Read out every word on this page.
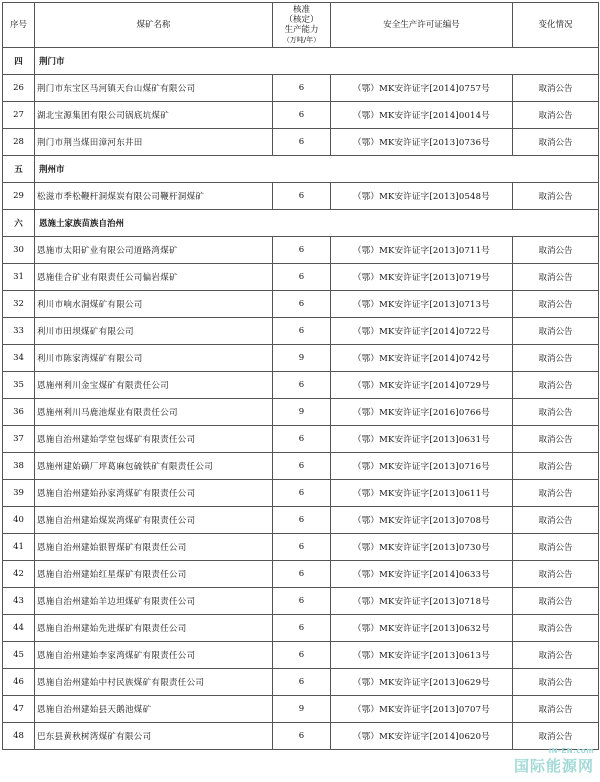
序号	煤矿名称	核准
（核定）
生产能力
（万吨/年）	安全生产许可证编号	变化情况
四	荆门市			
26	荆门市东宝区马河镇天台山煤矿有限公司	6	（鄂）MK安许证字[2014]0757号	取消公告
27	湖北宝源集团有限公司锅底坑煤矿	6	（鄂）MK安许证字[2014]0014号	取消公告
28	荆门市荆当煤田漳河东井田	6	（鄂）MK安许证字[2013]0736号	取消公告
五	荆州市			
29	松滋市季松鞭杆洞煤炭有限公司鞭杆洞煤矿	6	（鄂）MK安许证字[2013]0548号	取消公告
六	恩施土家族苗族自治州			
30	恩施市太阳矿业有限公司道路湾煤矿	6	（鄂）MK安许证字[2013]0711号	取消公告
31	恩施佳合矿业有限责任公司偏岩煤矿	6	（鄂）MK安许证字[2013]0719号	取消公告
32	利川市响水洞煤矿有限公司	6	（鄂）MK安许证字[2013]0713号	取消公告
33	利川市田坝煤矿有限公司	6	（鄂）MK安许证字[2014]0722号	取消公告
34	利川市陈家湾煤矿有限公司	9	（鄂）MK安许证字[2014]0742号	取消公告
35	恩施州利川金宝煤矿有限责任公司	6	（鄂）MK安许证字[2014]0729号	取消公告
36	恩施州利川马鹿池煤业有限责任公司	9	（鄂）MK安许证字[2016]0766号	取消公告
37	恩施自治州建始学堂包煤矿有限责任公司	6	（鄂）MK安许证字[2013]0631号	取消公告
38	恩施州建始磺厂坪葛麻包硫铁矿有限责任公司	6	（鄂）MK安许证字[2013]0716号	取消公告
39	恩施自治州建始孙家湾煤矿有限责任公司	6	（鄂）MK安许证字[2013]0611号	取消公告
40	恩施自治州建始煤炭湾煤矿有限责任公司	6	（鄂）MK安许证字[2013]0708号	取消公告
41	恩施自治州建始银智煤矿有限责任公司	6	（鄂）MK安许证字[2013]0730号	取消公告
42	恩施自治州建始红星煤矿有限责任公司	6	（鄂）MK安许证字[2014]0633号	取消公告
43	恩施自治州建始羊边坦煤矿有限责任公司	6	（鄂）MK安许证字[2013]0718号	取消公告
44	恩施自治州建始先进煤矿有限责任公司	6	（鄂）MK安许证字[2013]0632号	取消公告
45	恩施自治州建始李家湾煤矿有限责任公司	6	（鄂）MK安许证字[2013]0613号	取消公告
46	恩施自治州建始中村民族煤矿有限责任公司	6	（鄂）MK安许证字[2013]0629号	取消公告
47	恩施自治州建始县天鹅池煤矿	9	（鄂）MK安许证字[2013]0707号	取消公告
48	巴东县黄秋树湾煤矿有限公司	6	（鄂）MK安许证字[2014]0620号	取消公告
IN-EN.com
国际能源网
